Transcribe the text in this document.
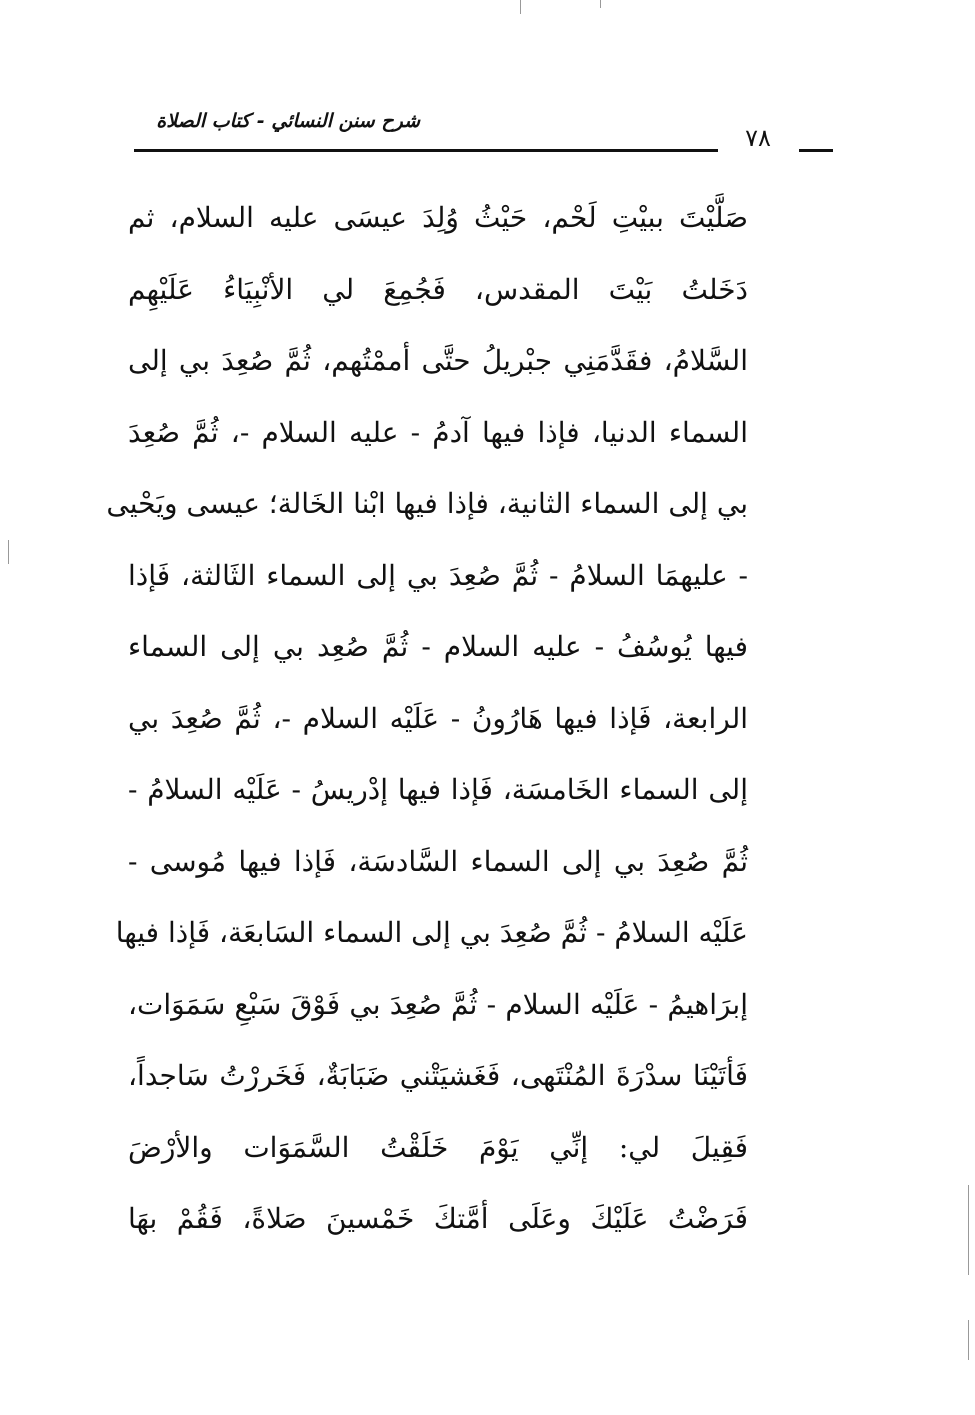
شرح سنن النسائي - كتاب الصلاة
٧٨
صَلَّيْتَ ببيْتِ لَحْم، حَيْثُ وُلِدَ عيسَى عليه السلام، ثم
دَخَلتُ بَيْتَ المقدس، فَجُمِعَ لي الأنْبِيَاءُ عَلَيْهِم
السَّلامُ، فقَدَّمَنِي جبْريلُ حتَّى أممْتُهم، ثُمَّ صُعِدَ بي إلى
السماء الدنيا، فإذا فيها آدمُ - عليه السلام -، ثُمَّ صُعِدَ
بي إلى السماء الثانية، فإذا فيها ابْنا الخَالة؛ عيسى ويَحْيى
- عليهمَا السلامُ - ثُمَّ صُعِدَ بي إلى السماء الثَالثة، فَإذا
فيها يُوسُفُ - عليه السلام - ثُمَّ صُعِد بي إلى السماء
الرابعة، فَإذا فيها هَارُونُ - عَلَيْه السلام -، ثُمَّ صُعِدَ بي
إلى السماء الخَامسَة، فَإذا فيها إدْريسُ - عَلَيْه السلامُ -
ثُمَّ صُعِدَ بي إلى السماء السَّادسَة، فَإذا فيها مُوسى -
عَلَيْه السلامُ - ثُمَّ صُعِدَ بي إلى السماء السَابعَة، فَإذا فيها
إبرَاهيمُ - عَلَيْه السلام - ثُمَّ صُعِدَ بي فَوْقَ سَبْعِ سَمَوَات،
فَأتَيْنَا سدْرَةَ المُنْتَهى، فَغَشيَتْني ضَبَابَةٌ، فَخَررْتُ سَاجداً،
فَقِيلَ لي: إنِّي يَوْمَ خَلَقْتُ السَّمَوَات والأرْضَ
فَرَضْتُ عَلَيْكَ وعَلَى أمَّتكَ خَمْسينَ صَلاةً، فَقُمْ بهَا
